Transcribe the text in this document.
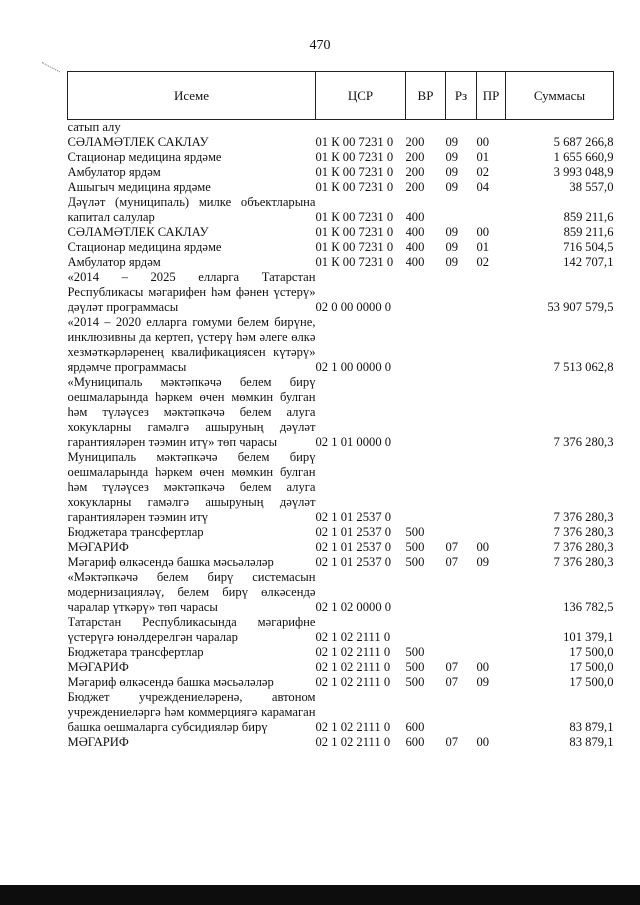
470
Исеме	ЦСР	ВР	Рз	ПР	Суммасы

сатып алу					

СӘЛАМӘТЛЕК САКЛАУ	01 К 00 7231 0	200	09	00	5 687 266,8

Стационар медицина ярдәме	01 К 00 7231 0	200	09	01	1 655 660,9

Амбулатор ярдәм	01 К 00 7231 0	200	09	02	3 993 048,9

Ашыгыч медицина ярдәме	01 К 00 7231 0	200	09	04	38 557,0

Дәүләт (муниципаль) милке объектларына капитал салулар	01 К 00 7231 0	400			859 211,6

СӘЛАМӘТЛЕК САКЛАУ	01 К 00 7231 0	400	09	00	859 211,6

Стационар медицина ярдәме	01 К 00 7231 0	400	09	01	716 504,5

Амбулатор ярдәм	01 К 00 7231 0	400	09	02	142 707,1

«2014 – 2025 елларга Татарстан Республикасы мәгарифен һәм фәнен үстерү» дәүләт программасы	02 0 00 0000 0				53 907 579,5

«2014 – 2020 елларга гомуми белем бирүне, инклюзивны да кертеп, үстерү һәм әлеге өлкә хезмәткәрләренең квалификациясен күтәрү» ярдәмче программасы	02 1 00 0000 0				7 513 062,8

«Муниципаль мәктәпкәчә белем бирү оешмаларында һәркем өчен мөмкин булган һәм түләүсез мәктәпкәчә белем алуга хокукларны гамәлгә ашыруның дәүләт гарантияләрен тәэмин итү» төп чарасы	02 1 01 0000 0				7 376 280,3

Муниципаль мәктәпкәчә белем бирү оешмаларында һәркем өчен мөмкин булган һәм түләүсез мәктәпкәчә белем алуга хокукларны гамәлгә ашыруның дәүләт гарантияләрен тәэмин итү	02 1 01 2537 0				7 376 280,3

Бюджетара трансфертлар	02 1 01 2537 0	500			7 376 280,3

МӘГАРИФ	02 1 01 2537 0	500	07	00	7 376 280,3

Мәгариф өлкәсендә башка мәсьәләләр	02 1 01 2537 0	500	07	09	7 376 280,3

«Мәктәпкәчә белем бирү системасын модернизацияләү, белем бирү өлкәсендә чаралар үткәрү» төп чарасы	02 1 02 0000 0				136 782,5

Татарстан Республикасында мәгарифне үстерүгә юнәлдерелгән чаралар	02 1 02 2111 0				101 379,1

Бюджетара трансфертлар	02 1 02 2111 0	500			17 500,0

МӘГАРИФ	02 1 02 2111 0	500	07	00	17 500,0

Мәгариф өлкәсендә башка мәсьәләләр	02 1 02 2111 0	500	07	09	17 500,0

Бюджет учреждениеләренә, автоном учреждениеләргә һәм коммерциягә карамаган башка оешмаларга субсидияләр бирү	02 1 02 2111 0	600			83 879,1

МӘГАРИФ	02 1 02 2111 0	600	07	00	83 879,1
